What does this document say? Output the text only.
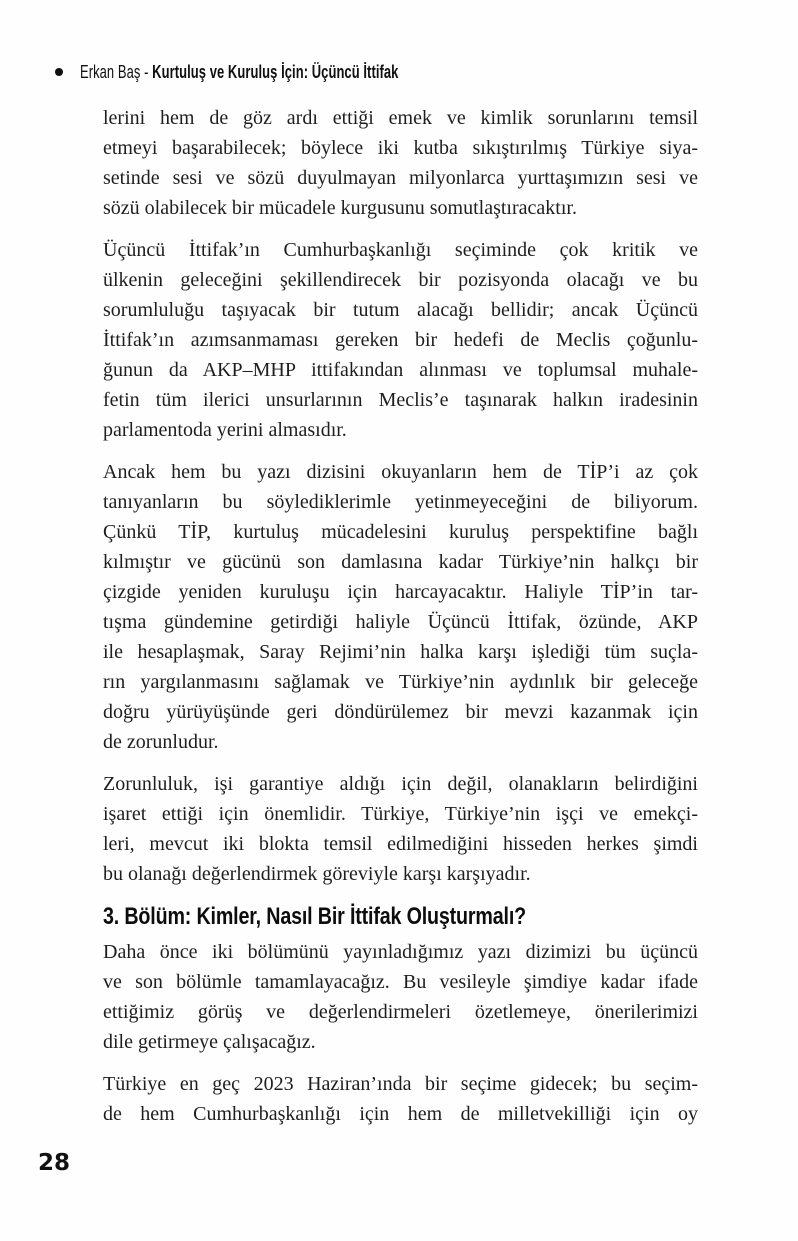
Erkan Baş - Kurtuluş ve Kuruluş İçin: Üçüncü İttifak
lerini hem de göz ardı ettiği emek ve kimlik sorunlarını temsil
etmeyi başarabilecek; böylece iki kutba sıkıştırılmış Türkiye siya-
setinde sesi ve sözü duyulmayan milyonlarca yurttaşımızın sesi ve
sözü olabilecek bir mücadele kurgusunu somutlaştıracaktır.
Üçüncü İttifak’ın Cumhurbaşkanlığı seçiminde çok kritik ve
ülkenin geleceğini şekillendirecek bir pozisyonda olacağı ve bu
sorumluluğu taşıyacak bir tutum alacağı bellidir; ancak Üçüncü
İttifak’ın azımsanmaması gereken bir hedefi de Meclis çoğunlu-
ğunun da AKP–MHP ittifakından alınması ve toplumsal muhale-
fetin tüm ilerici unsurlarının Meclis’e taşınarak halkın iradesinin
parlamentoda yerini almasıdır.
Ancak hem bu yazı dizisini okuyanların hem de TİP’i az çok
tanıyanların bu söylediklerimle yetinmeyeceğini de biliyorum.
Çünkü TİP, kurtuluş mücadelesini kuruluş perspektifine bağlı
kılmıştır ve gücünü son damlasına kadar Türkiye’nin halkçı bir
çizgide yeniden kuruluşu için harcayacaktır. Haliyle TİP’in tar-
tışma gündemine getirdiği haliyle Üçüncü İttifak, özünde, AKP
ile hesaplaşmak, Saray Rejimi’nin halka karşı işlediği tüm suçla-
rın yargılanmasını sağlamak ve Türkiye’nin aydınlık bir geleceğe
doğru yürüyüşünde geri döndürülemez bir mevzi kazanmak için
de zorunludur.
Zorunluluk, işi garantiye aldığı için değil, olanakların belirdiğini
işaret ettiği için önemlidir. Türkiye, Türkiye’nin işçi ve emekçi-
leri, mevcut iki blokta temsil edilmediğini hisseden herkes şimdi
bu olanağı değerlendirmek göreviyle karşı karşıyadır.
3. Bölüm: Kimler, Nasıl Bir İttifak Oluşturmalı?
Daha önce iki bölümünü yayınladığımız yazı dizimizi bu üçüncü
ve son bölümle tamamlayacağız. Bu vesileyle şimdiye kadar ifade
ettiğimiz görüş ve değerlendirmeleri özetlemeye, önerilerimizi
dile getirmeye çalışacağız.
Türkiye en geç 2023 Haziran’ında bir seçime gidecek; bu seçim-
de hem Cumhurbaşkanlığı için hem de milletvekilliği için oy
28
